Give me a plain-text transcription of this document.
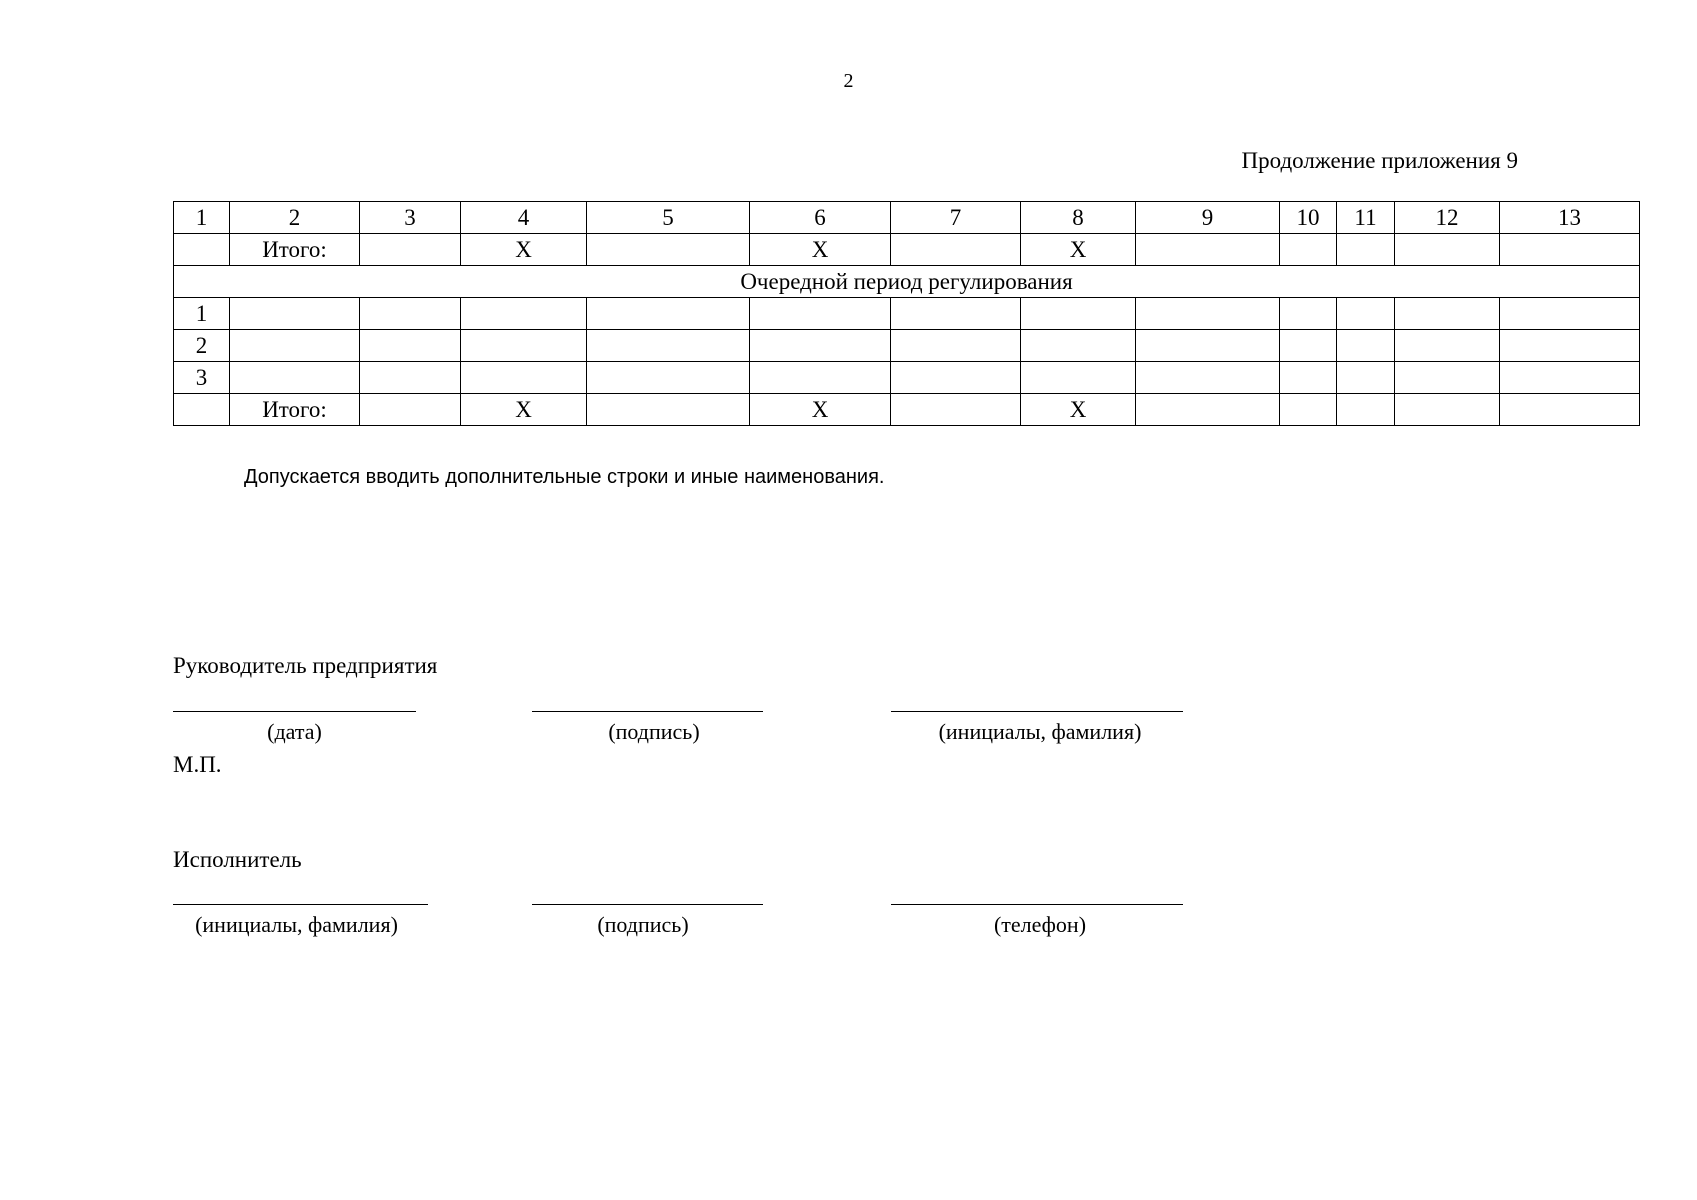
2
Продолжение приложения 9
1	2	3	4	5	6	7	8	9	10	11	12	13
	Итого:		X		X		X					
Очередной период регулирования												
1												
2												
3												
	Итого:		X		X		X					
Допускается вводить дополнительные строки и иные наименования.
Руководитель предприятия
(дата)	(подпись)	(инициалы, фамилия)
М.П.
Исполнитель
(инициалы, фамилия)	(подпись)	(телефон)
